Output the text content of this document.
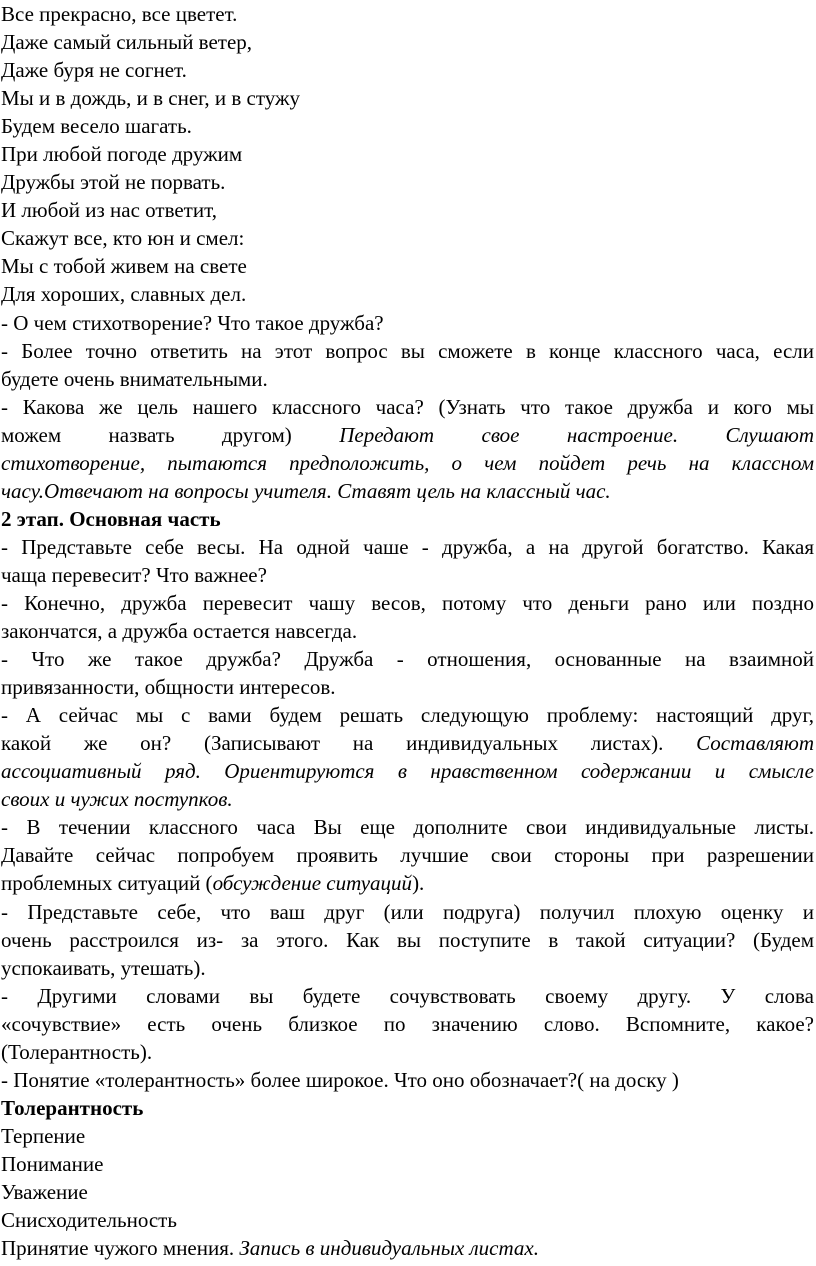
Все прекрасно, все цветет.
Даже самый сильный ветер,
Даже буря не согнет.
Мы и в дождь, и в снег, и в стужу
Будем весело шагать.
При любой погоде дружим
Дружбы этой не порвать.
И любой из нас ответит,
Скажут все, кто юн и смел:
Мы с тобой живем на свете
Для хороших, славных дел.
- О чем стихотворение? Что такое дружба?
- Более точно ответить на этот вопрос вы сможете в конце классного часа, если
будете очень внимательными.
- Какова же цель нашего классного часа? (Узнать что такое дружба и кого мы
можем назвать другом) Передают свое настроение. Слушают
стихотворение, пытаются предположить, о чем пойдет речь на классном
часу.Отвечают на вопросы учителя. Ставят цель на классный час.
2 этап. Основная часть
- Представьте себе весы. На одной чаше - дружба, а на другой богатство. Какая
чаща перевесит? Что важнее?
- Конечно, дружба перевесит чашу весов, потому что деньги рано или поздно
закончатся, а дружба остается навсегда.
- Что же такое дружба? Дружба - отношения, основанные на взаимной
привязанности, общности интересов.
- А сейчас мы с вами будем решать следующую проблему: настоящий друг,
какой же он? (Записывают на индивидуальных листах). Составляют
ассоциативный ряд. Ориентируются в нравственном содержании и смысле
своих и чужих поступков.
- В течении классного часа Вы еще дополните свои индивидуальные листы.
Давайте сейчас попробуем проявить лучшие свои стороны при разрешении
проблемных ситуаций (обсуждение ситуаций).
- Представьте себе, что ваш друг (или подруга) получил плохую оценку и
очень расстроился из- за этого. Как вы поступите в такой ситуации? (Будем
успокаивать, утешать).
- Другими словами вы будете сочувствовать своему другу. У слова
«сочувствие» есть очень близкое по значению слово. Вспомните, какое?
(Толерантность).
- Понятие «толерантность» более широкое. Что оно обозначает?( на доску )
Толерантность
Терпение
Понимание
Уважение
Снисходительность
Принятие чужого мнения. Запись в индивидуальных листах.
